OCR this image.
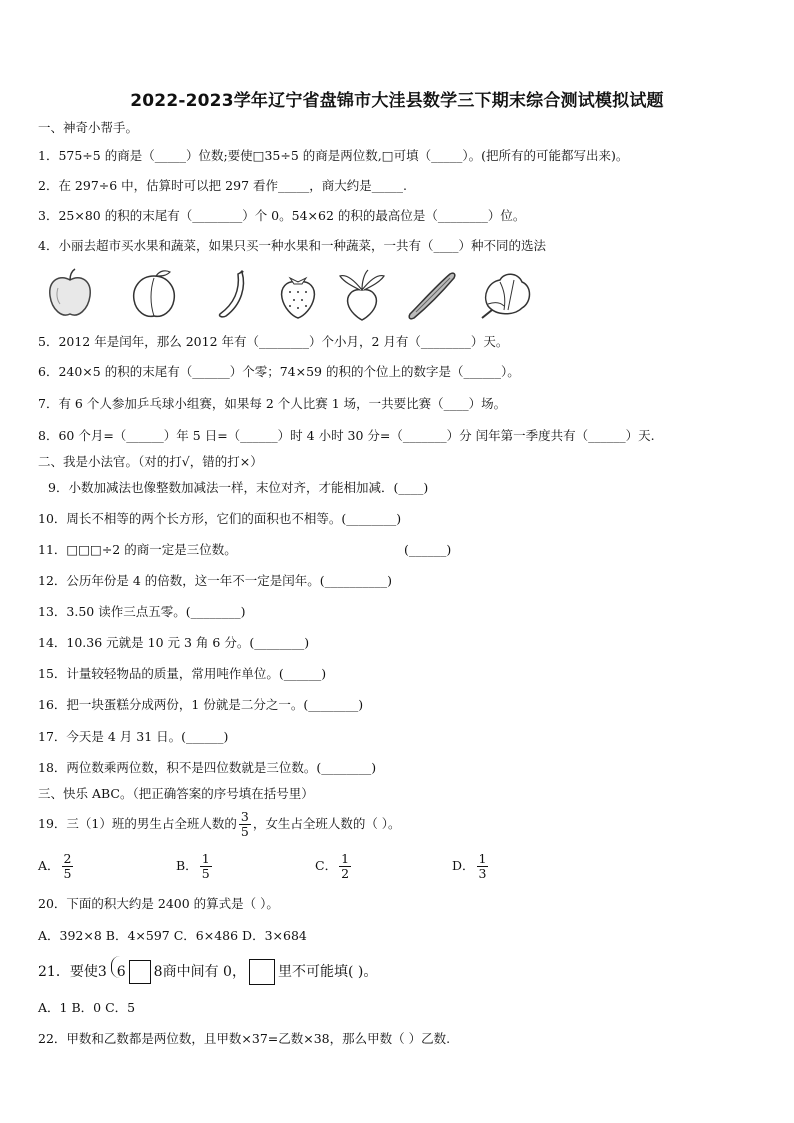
2022-2023学年辽宁省盘锦市大洼县数学三下期末综合测试模拟试题
一、神奇小帮手。
1．575÷5 的商是（_____）位数;要使□35÷5 的商是两位数,□可填（_____）。(把所有的可能都写出来)。
2．在 297÷6 中，估算时可以把 297 看作_____，商大约是_____.
3．25×80 的积的末尾有（________）个 0。54×62 的积的最高位是（________）位。
4．小丽去超市买水果和蔬菜，如果只买一种水果和一种蔬菜，一共有（____）种不同的选法
5．2012 年是闰年，那么 2012 年有（________）个小月，2 月有（________）天。
6．240×5 的积的末尾有（______）个零；74×59 的积的个位上的数字是（______）。
7．有 6 个人参加乒乓球小组赛，如果每 2 个人比赛 1 场，一共要比赛（____）场。
8．60 个月=（______）年 5 日=（______）时 4 小时 30 分=（_______）分 闰年第一季度共有（______）天.
二、我是小法官。（对的打√，错的打×）
9．小数加减法也像整数加减法一样，末位对齐，才能相加减．(____)
10．周长不相等的两个长方形，它们的面积也不相等。(________)
11．□□□÷2 的商一定是三位数。	(______)
12．公历年份是 4 的倍数，这一年不一定是闰年。(__________)
13．3.50 读作三点五零。(________)
14．10.36 元就是 10 元 3 角 6 分。(________)
15．计量较轻物品的质量，常用吨作单位。(______)
16．把一块蛋糕分成两份，1 份就是二分之一。(________)
17．今天是 4 月 31 日。(______)
18．两位数乘两位数，积不是四位数就是三位数。(________)
三、快乐 ABC。（把正确答案的序号填在括号里）
19．三（1）班的男生占全班人数的 $\frac{3}{5}$ ，女生占全班人数的（ ）。
A． $\frac{2}{5}$	B． $\frac{1}{5}$	C． $\frac{1}{2}$	D． $\frac{1}{3}$
20．下面的积大约是 2400 的算式是（ ）。
A．392×8 B．4×597 C．6×486 D．3×684
21．要使3 6 8商中间有 0， 里不可能填( )。
A．1 B．0 C．5
22．甲数和乙数都是两位数，且甲数×37=乙数×38，那么甲数（ ）乙数.
